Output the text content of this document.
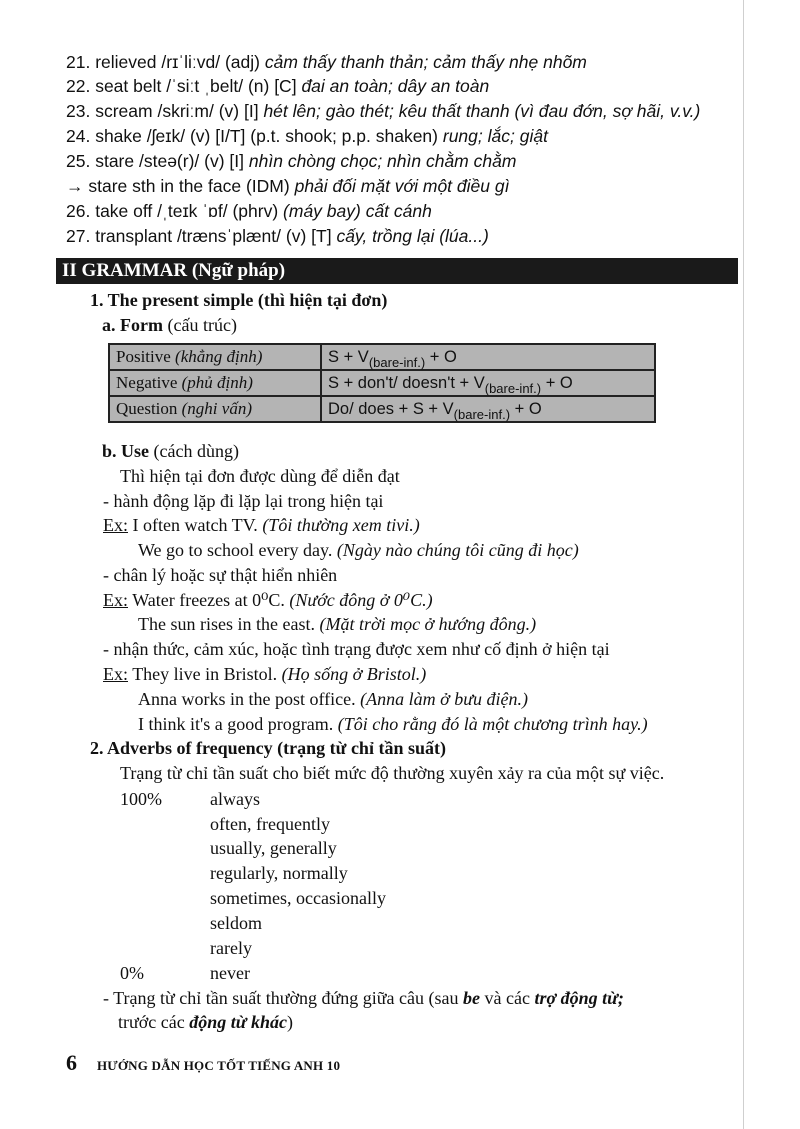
21. relieved /rɪˈliːvd/ (adj) cảm thấy thanh thản; cảm thấy nhẹ nhõm
22. seat belt /ˈsiːt ˌbelt/ (n) [C] đai an toàn; dây an toàn
23. scream /skriːm/ (v) [I] hét lên; gào thét; kêu thất thanh (vì đau đớn, sợ hãi, v.v.)
24. shake /ʃeɪk/ (v) [I/T] (p.t. shook; p.p. shaken) rung; lắc; giật
25. stare /steə(r)/ (v) [I] nhìn chòng chọc; nhìn chằm chằm
→ stare sth in the face (IDM) phải đối mặt với một điều gì
26. take off /ˌteɪk ˈɒf/ (phrv) (máy bay) cất cánh
27. transplant /trænsˈplænt/ (v) [T] cấy, trồng lại (lúa...)
II GRAMMAR (Ngữ pháp)
1. The present simple (thì hiện tại đơn)
a. Form (cấu trúc)
Positive (khẳng định)	$S + V_{(bare-inf.)} + O$
Negative (phủ định)	S + don't/ doesn't + $V_{(bare-inf.)} + O$
Question (nghi vấn)	Do/ does + $S + V_{(bare-inf.)} + O$
b. Use (cách dùng)
Thì hiện tại đơn được dùng để diễn đạt
- hành động lặp đi lặp lại trong hiện tại
Ex: I often watch TV. (Tôi thường xem tivi.)
We go to school every day. (Ngày nào chúng tôi cũng đi học)
- chân lý hoặc sự thật hiển nhiên
Ex: Water freezes at 0⁰C. (Nước đông ở 0⁰C.)
The sun rises in the east. (Mặt trời mọc ở hướng đông.)
- nhận thức, cảm xúc, hoặc tình trạng được xem như cố định ở hiện tại
Ex: They live in Bristol. (Họ sống ở Bristol.)
Anna works in the post office. (Anna làm ở bưu điện.)
I think it's a good program. (Tôi cho rằng đó là một chương trình hay.)
2. Adverbs of frequency (trạng từ chỉ tần suất)
Trạng từ chỉ tần suất cho biết mức độ thường xuyên xảy ra của một sự việc.
100%	always
often, frequently
usually, generally
regularly, normally
sometimes, occasionally
seldom
rarely
0%	never
- Trạng từ chỉ tần suất thường đứng giữa câu (sau be và các trợ động từ;
trước các động từ khác)
6 HƯỚNG DẪN HỌC TỐT TIẾNG ANH 10
